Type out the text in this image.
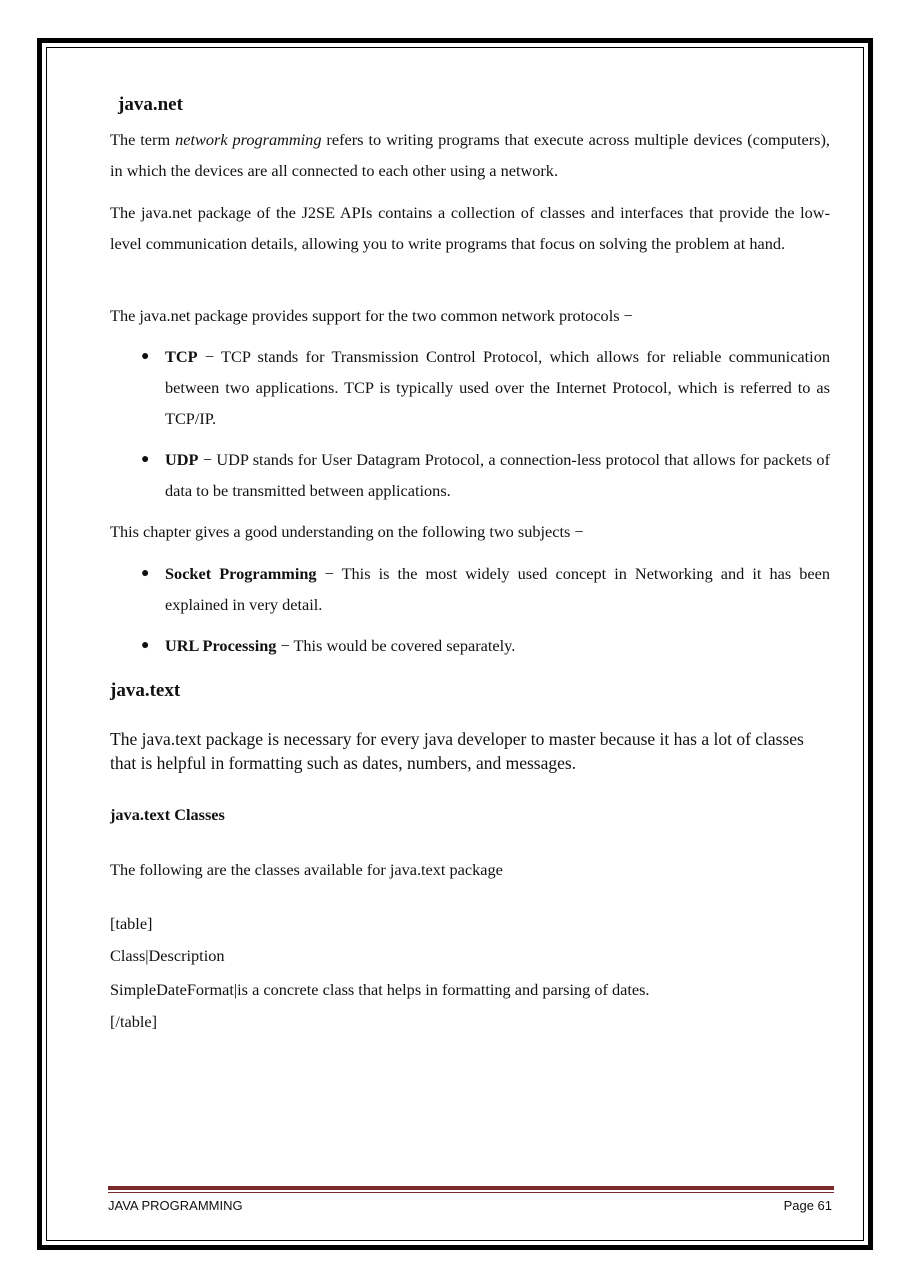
java.net

The term network programming refers to writing programs that execute across multiple devices (computers), in which the devices are all connected to each other using a network.

The java.net package of the J2SE APIs contains a collection of classes and interfaces that provide the low-level communication details, allowing you to write programs that focus on solving the problem at hand.

The java.net package provides support for the two common network protocols −

● TCP − TCP stands for Transmission Control Protocol, which allows for reliable communication between two applications. TCP is typically used over the Internet Protocol, which is referred to as TCP/IP.
● UDP − UDP stands for User Datagram Protocol, a connection-less protocol that allows for packets of data to be transmitted between applications.

This chapter gives a good understanding on the following two subjects −

● Socket Programming − This is the most widely used concept in Networking and it has been explained in very detail.
● URL Processing − This would be covered separately.
java.text

The java.text package is necessary for every java developer to master because it has a lot of classes that is helpful in formatting such as dates, numbers, and messages.

java.text Classes
The following are the classes available for java.text package
[table]
Class|Description
SimpleDateFormat|is a concrete class that helps in formatting and parsing of dates.
[/table]
JAVA PROGRAMMING	Page 61
